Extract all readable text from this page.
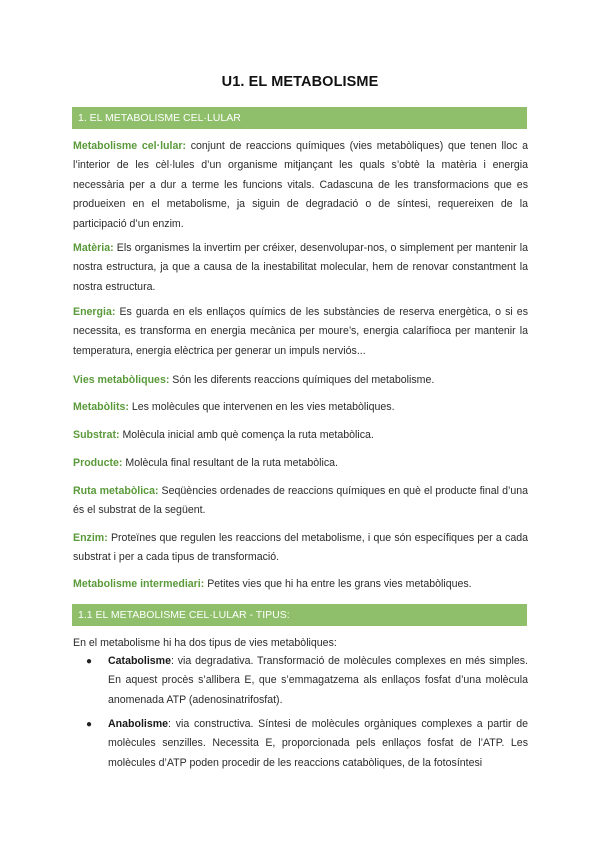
U1. EL METABOLISME
1. EL METABOLISME CEL·LULAR

Metabolisme cel·lular: conjunt de reaccions químiques (vies metabòliques) que tenen lloc a l’interior de les cèl·lules d’un organisme mitjançant les quals s’obtè la matèria i energia necessària per a dur a terme les funcions vitals. Cadascuna de les transformacions que es produeixen en el metabolisme, ja siguin de degradació o de síntesi, requereixen de la participació d’un enzim.

Matèria: Els organismes la invertim per créixer, desenvolupar-nos, o simplement per mantenir la nostra estructura, ja que a causa de la inestabilitat molecular, hem de renovar constantment la nostra estructura.

Energia: Es guarda en els enllaços químics de les substàncies de reserva energètica, o si es necessita, es transforma en energia mecànica per moure’s, energia calarífioca per mantenir la temperatura, energia elèctrica per generar un impuls nerviós...

Vies metabòliques: Són les diferents reaccions químiques del metabolisme.

Metabòlits: Les molècules que intervenen en les vies metabòliques.

Substrat: Molècula inicial amb què comença la ruta metabòlica.

Producte: Molècula final resultant de la ruta metabòlica.

Ruta metabòlica: Seqüències ordenades de reaccions químiques en què el producte final d’una és el substrat de la següent.

Enzim: Proteïnes que regulen les reaccions del metabolisme, i que són específiques per a cada substrat i per a cada tipus de transformació.

Metabolisme intermediari: Petites vies que hi ha entre les grans vies metabòliques.

1.1 EL METABOLISME CEL·LULAR - TIPUS:

En el metabolisme hi ha dos tipus de vies metabòliques:

● Catabolisme: via degradativa. Transformació de molècules complexes en més simples. En aquest procès s’allibera E, que s’emmagatzema als enllaços fosfat d’una molècula anomenada ATP (adenosinatrifosfat).

● Anabolisme: via constructiva. Síntesi de molècules orgàniques complexes a partir de molècules senzilles. Necessita E, proporcionada pels enllaços fosfat de l’ATP. Les molècules d’ATP poden procedir de les reaccions catabòliques, de la fotosíntesi
